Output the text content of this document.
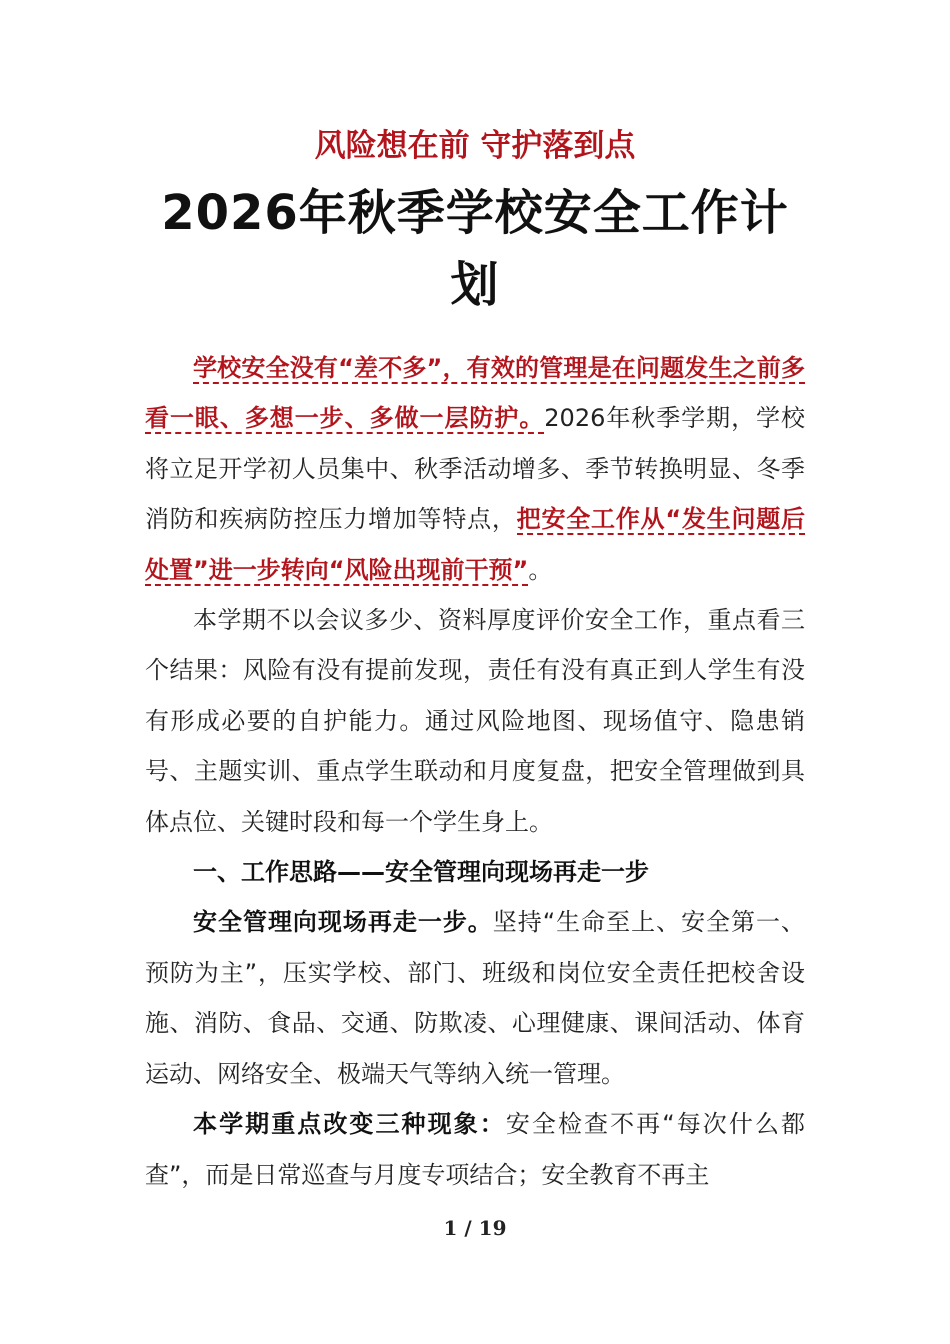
风险想在前 守护落到点
2026年秋季学校安全工作计划

学校安全没有“差不多”，有效的管理是在问题发生之前多看一眼、多想一步、多做一层防护。2026年秋季学期，学校将立足开学初人员集中、秋季活动增多、季节转换明显、冬季消防和疾病防控压力增加等特点，把安全工作从“发生问题后处置”进一步转向“风险出现前干预”。

本学期不以会议多少、资料厚度评价安全工作，重点看三个结果：风险有没有提前发现，责任有没有真正到人学生有没有形成必要的自护能力。通过风险地图、现场值守、隐患销号、主题实训、重点学生联动和月度复盘，把安全管理做到具体点位、关键时段和每一个学生身上。

一、工作思路——安全管理向现场再走一步

安全管理向现场再走一步。坚持“生命至上、安全第一、预防为主”，压实学校、部门、班级和岗位安全责任把校舍设施、消防、食品、交通、防欺凌、心理健康、课间活动、体育运动、网络安全、极端天气等纳入统一管理。

本学期重点改变三种现象：安全检查不再“每次什么都查”，而是日常巡查与月度专项结合；安全教育不再主

1 / 19
